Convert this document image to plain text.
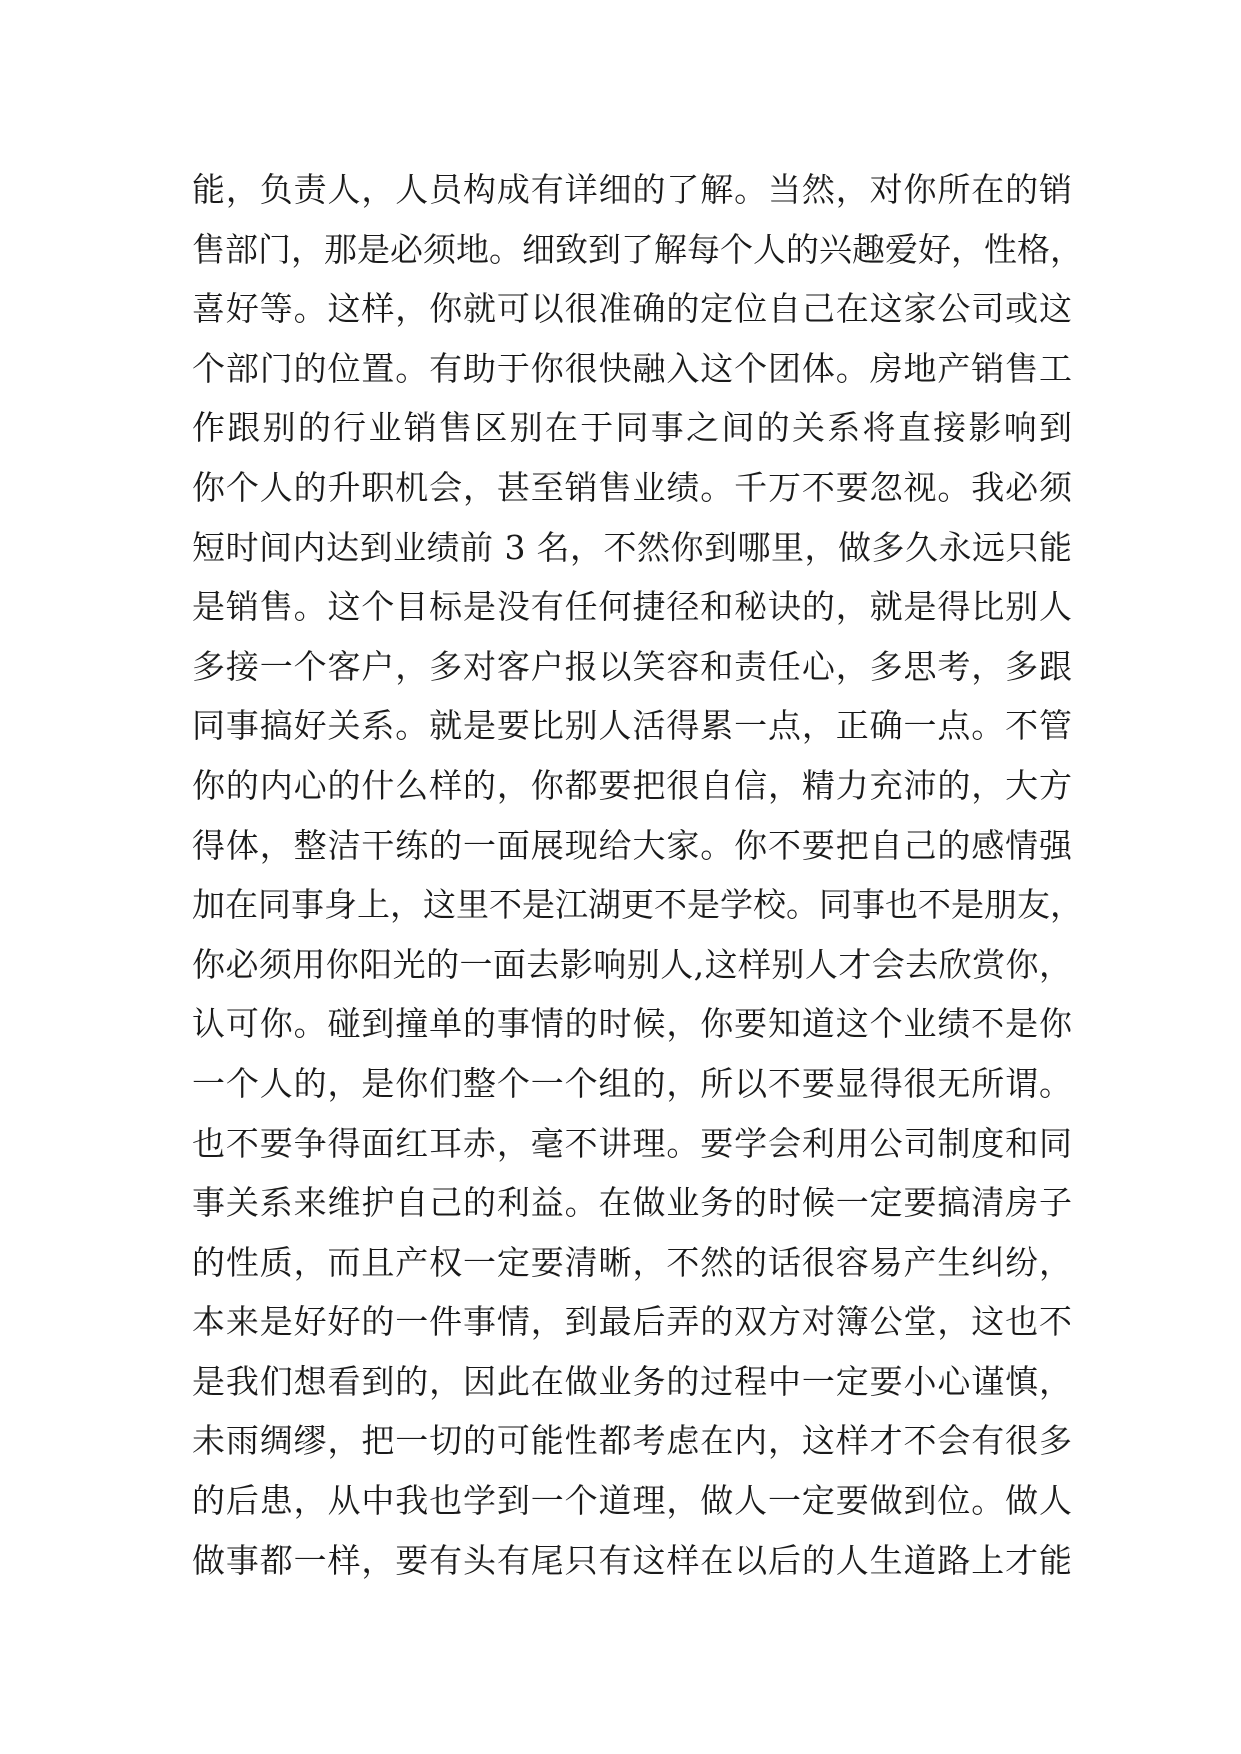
能，负责人，人员构成有详细的了解。当然，对你所在的销
售部门，那是必须地。细致到了解每个人的兴趣爱好，性格，
喜好等。这样，你就可以很准确的定位自己在这家公司或这
个部门的位置。有助于你很快融入这个团体。房地产销售工
作跟别的行业销售区别在于同事之间的关系将直接影响到
你个人的升职机会，甚至销售业绩。千万不要忽视。我必须
短时间内达到业绩前 3 名，不然你到哪里，做多久永远只能
是销售。这个目标是没有任何捷径和秘诀的，就是得比别人
多接一个客户，多对客户报以笑容和责任心，多思考，多跟
同事搞好关系。就是要比别人活得累一点，正确一点。不管
你的内心的什么样的，你都要把很自信，精力充沛的，大方
得体，整洁干练的一面展现给大家。你不要把自己的感情强
加在同事身上，这里不是江湖更不是学校。同事也不是朋友，
你必须用你阳光的一面去影响别人,这样别人才会去欣赏你，
认可你。碰到撞单的事情的时候，你要知道这个业绩不是你
一个人的，是你们整个一个组的，所以不要显得很无所谓。
也不要争得面红耳赤，毫不讲理。要学会利用公司制度和同
事关系来维护自己的利益。在做业务的时候一定要搞清房子
的性质，而且产权一定要清晰，不然的话很容易产生纠纷，
本来是好好的一件事情，到最后弄的双方对簿公堂，这也不
是我们想看到的，因此在做业务的过程中一定要小心谨慎，
未雨绸缪，把一切的可能性都考虑在内，这样才不会有很多
的后患，从中我也学到一个道理，做人一定要做到位。做人
做事都一样，要有头有尾只有这样在以后的人生道路上才能
